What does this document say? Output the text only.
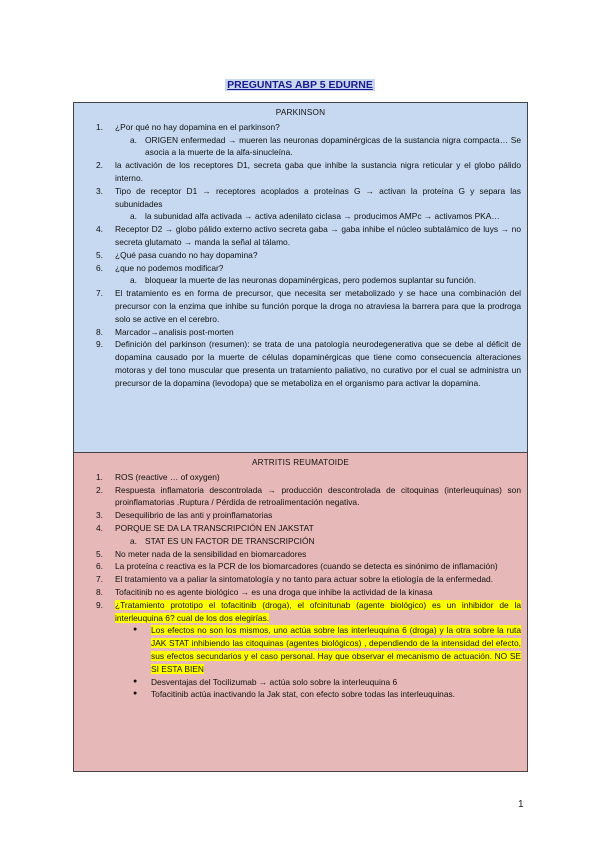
PREGUNTAS ABP 5 EDURNE
PARKINSON
1. ¿Por qué no hay dopamina en el parkinson?
a. ORIGEN enfermedad → mueren las neuronas dopaminérgicas de la sustancia nigra compacta… Se asocia a la muerte de la alfa-sinucleína.
2. la activación de los receptores D1, secreta gaba que inhibe la sustancia nigra reticular y el globo pálido interno.
3. Tipo de receptor D1 → receptores acoplados a proteínas G → activan la proteína G y separa las subunidades
a. la subunidad alfa activada → activa adenilato ciclasa → producimos AMPc → activamos PKA…
4. Receptor D2 → globo pálido externo activo secreta gaba → gaba inhibe el núcleo subtalámico de luys → no secreta glutamato → manda la señal al tálamo.
5. ¿Qué pasa cuando no hay dopamina?
6. ¿que no podemos modificar?
a. bloquear la muerte de las neuronas dopaminérgicas, pero podemos suplantar su función.
7. El tratamiento es en forma de precursor, que necesita ser metabolizado y se hace una combinación del precursor con la enzima que inhibe su función porque la droga no atraviesa la barrera para que la prodroga solo se active en el cerebro.
8. Marcador→analisis post-morten
9. Definición del parkinson (resumen): se trata de una patología neurodegenerativa que se debe al déficit de dopamina causado por la muerte de células dopaminérgicas que tiene como consecuencia alteraciones motoras y del tono muscular que presenta un tratamiento paliativo, no curativo por el cual se administra un precursor de la dopamina (levodopa) que se metaboliza en el organismo para activar la dopamina.
ARTRITIS REUMATOIDE
1. ROS (reactive … of oxygen)
2. Respuesta inflamatoria descontrolada → producción descontrolada de citoquinas (interleuquinas) son proinflamatorias .Ruptura / Pérdida de retroalimentación negativa.
3. Desequilibrio de las anti y proinflamatorias
4. PORQUE SE DA LA TRANSCRIPCIÓN EN JAKSTAT
a. STAT ES UN FACTOR DE TRANSCRIPCIÓN
5. No meter nada de la sensibilidad en biomarcadores
6. La proteína c reactiva es la PCR de los biomarcadores (cuando se detecta es sinónimo de inflamación)
7. El tratamiento va a paliar la sintomatología y no tanto para actuar sobre la etiología de la enfermedad.
8. Tofacitinib no es agente biológico → es una droga que inhibe la actividad de la kinasa
9. ¿Tratamiento prototipo el tofacitinib (droga), el ofcinitunab (agente biológico) es un inhibidor de la interleuquina 6? cual de los dos elegirías.
● Los efectos no son los mismos, uno actúa sobre las interleuquina 6 (droga) y la otra sobre la ruta JAK STAT inhibiendo las citoquinas (agentes biológicos) , dependiendo de la intensidad del efecto, sus efectos secundarios y el caso personal. Hay que observar el mecanismo de actuación. NO SE SI ESTA BIEN
● Desventajas del Tocilizumab → actúa solo sobre la interleuquina 6
● Tofacitinib actúa inactivando la Jak stat, con efecto sobre todas las interleuquinas.
1
